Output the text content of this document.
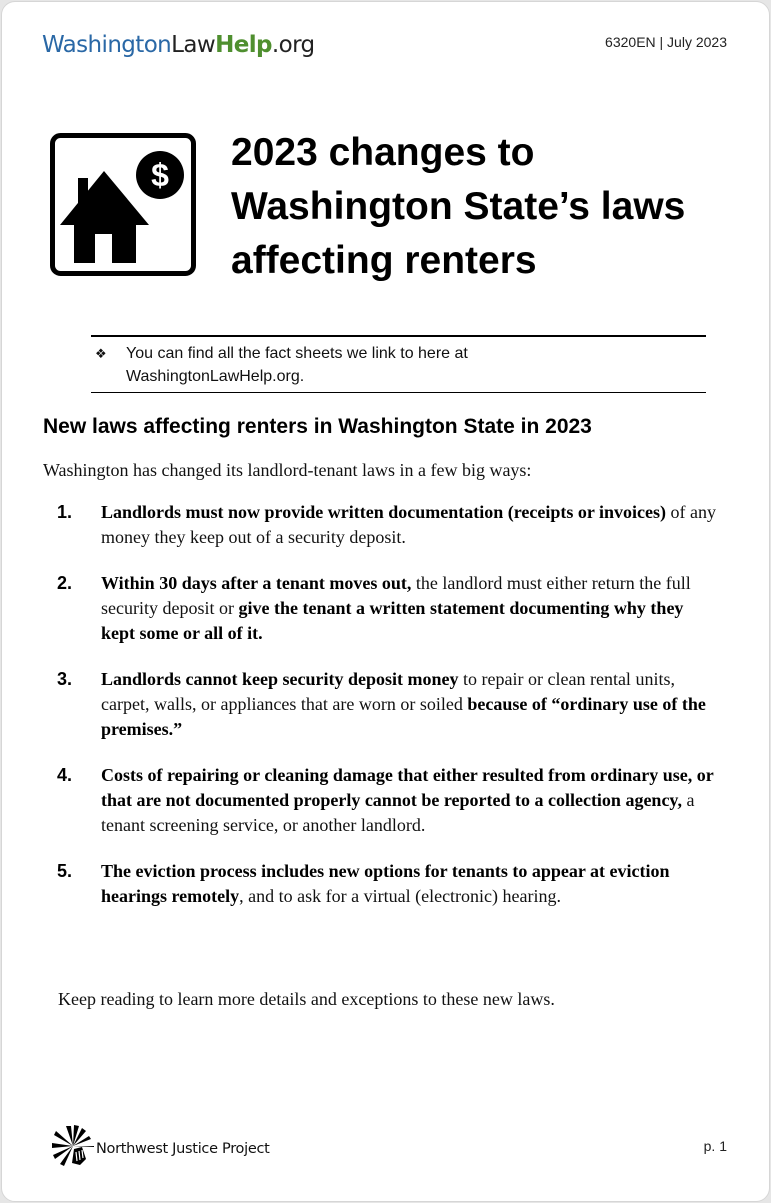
WashingtonLawHelp.org	6320EN | July 2023
$
2023 changes to
Washington State’s laws
affecting renters
❖	You can find all the fact sheets we link to here at
WashingtonLawHelp.org.
New laws affecting renters in Washington State in 2023

Washington has changed its landlord-tenant laws in a few big ways:

1.	Landlords must now provide written documentation (receipts or invoices) of any money they keep out of a security deposit.
2.	Within 30 days after a tenant moves out, the landlord must either return the full security deposit or give the tenant a written statement documenting why they kept some or all of it.
3.	Landlords cannot keep security deposit money to repair or clean rental units, carpet, walls, or appliances that are worn or soiled because of “ordinary use of the premises.”
4.	Costs of repairing or cleaning damage that either resulted from ordinary use, or that are not documented properly cannot be reported to a collection agency, a tenant screening service, or another landlord.
5.	The eviction process includes new options for tenants to appear at eviction hearings remotely, and to ask for a virtual (electronic) hearing.

Keep reading to learn more details and exceptions to these new laws.

Northwest Justice Project	p. 1
